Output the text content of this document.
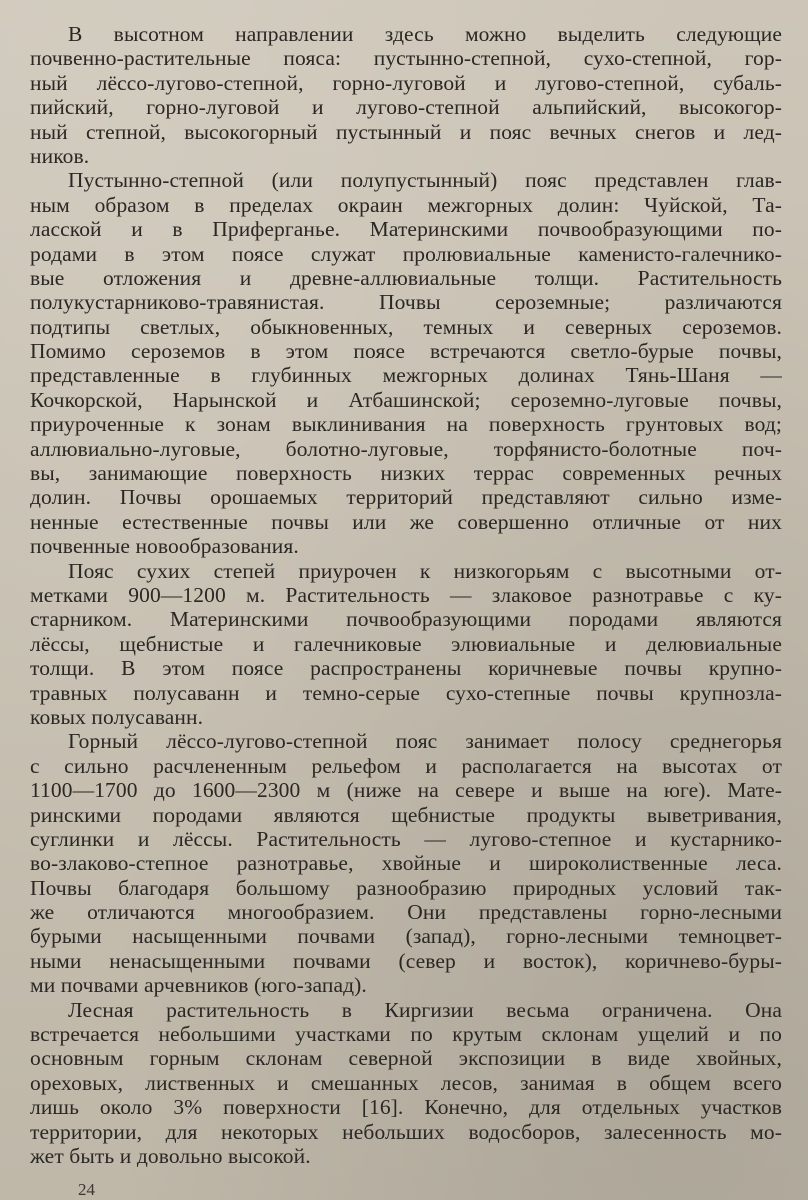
В высотном направлении здесь можно выделить следующие
почвенно-растительные пояса: пустынно-степной, сухо-степной, гор-
ный лёссо-лугово-степной, горно-луговой и лугово-степной, субаль-
пийский, горно-луговой и лугово-степной альпийский, высокогор-
ный степной, высокогорный пустынный и пояс вечных снегов и лед-
ников.
Пустынно-степной (или полупустынный) пояс представлен глав-
ным образом в пределах окраин межгорных долин: Чуйской, Та-
ласской и в Приферганье. Материнскими почвообразующими по-
родами в этом поясе служат пролювиальные каменисто-галечнико-
вые отложения и древне-аллювиальные толщи. Растительность
полукустарниково-травянистая. Почвы сероземные; различаются
подтипы светлых, обыкновенных, темных и северных сероземов.
Помимо сероземов в этом поясе встречаются светло-бурые почвы,
представленные в глубинных межгорных долинах Тянь-Шаня —
Кочкорской, Нарынской и Атбашинской; сероземно-луговые почвы,
приуроченные к зонам выклинивания на поверхность грунтовых вод;
аллювиально-луговые, болотно-луговые, торфянисто-болотные поч-
вы, занимающие поверхность низких террас современных речных
долин. Почвы орошаемых территорий представляют сильно изме-
ненные естественные почвы или же совершенно отличные от них
почвенные новообразования.
Пояс сухих степей приурочен к низкогорьям с высотными от-
метками 900—1200 м. Растительность — злаковое разнотравье с ку-
старником. Материнскими почвообразующими породами являются
лёссы, щебнистые и галечниковые элювиальные и делювиальные
толщи. В этом поясе распространены коричневые почвы крупно-
травных полусаванн и темно-серые сухо-степные почвы крупнозла-
ковых полусаванн.
Горный лёссо-лугово-степной пояс занимает полосу среднегорья
с сильно расчлененным рельефом и располагается на высотах от
1100—1700 до 1600—2300 м (ниже на севере и выше на юге). Мате-
ринскими породами являются щебнистые продукты выветривания,
суглинки и лёссы. Растительность — лугово-степное и кустарнико-
во-злаково-степное разнотравье, хвойные и широколиственные леса.
Почвы благодаря большому разнообразию природных условий так-
же отличаются многообразием. Они представлены горно-лесными
бурыми насыщенными почвами (запад), горно-лесными темноцвет-
ными ненасыщенными почвами (север и восток), коричнево-буры-
ми почвами арчевников (юго-запад).
Лесная растительность в Киргизии весьма ограничена. Она
встречается небольшими участками по крутым склонам ущелий и по
основным горным склонам северной экспозиции в виде хвойных,
ореховых, лиственных и смешанных лесов, занимая в общем всего
лишь около 3% поверхности [16]. Конечно, для отдельных участков
территории, для некоторых небольших водосборов, залесенность мо-
жет быть и довольно высокой.
24
